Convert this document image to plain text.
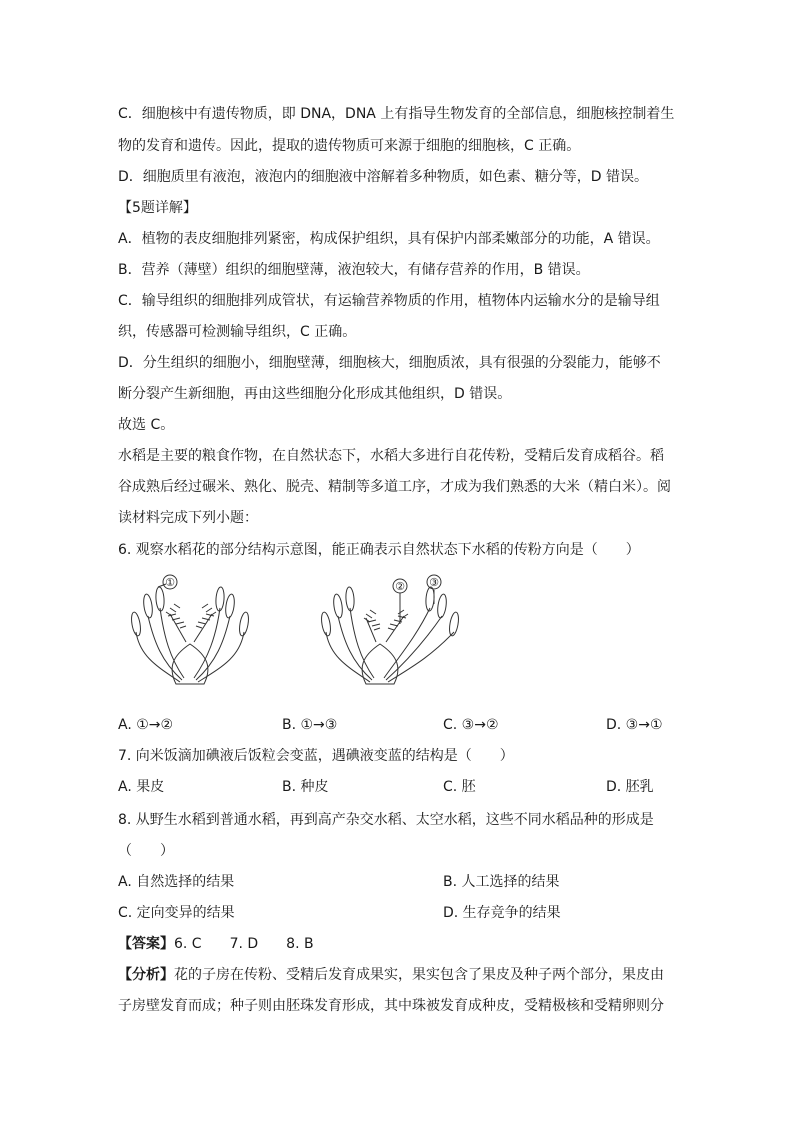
C．细胞核中有遗传物质，即 DNA，DNA 上有指导生物发育的全部信息，细胞核控制着生
物的发育和遗传。因此，提取的遗传物质可来源于细胞的细胞核，C 正确。
D．细胞质里有液泡，液泡内的细胞液中溶解着多种物质，如色素、糖分等，D 错误。
【5题详解】
A．植物的表皮细胞排列紧密，构成保护组织，具有保护内部柔嫩部分的功能，A 错误。
B．营养（薄壁）组织的细胞壁薄，液泡较大，有储存营养的作用，B 错误。
C．输导组织的细胞排列成管状，有运输营养物质的作用，植物体内运输水分的是输导组
织，传感器可检测输导组织，C 正确。
D．分生组织的细胞小，细胞壁薄，细胞核大，细胞质浓，具有很强的分裂能力，能够不
断分裂产生新细胞，再由这些细胞分化形成其他组织，D 错误。
故选 C。
水稻是主要的粮食作物，在自然状态下，水稻大多进行自花传粉，受精后发育成稻谷。稻
谷成熟后经过碾米、熟化、脱壳、精制等多道工序，才成为我们熟悉的大米（精白米）。阅
读材料完成下列小题：
6. 观察水稻花的部分结构示意图，能正确表示自然状态下水稻的传粉方向是（　　）
①	② ③
A. ①→②	B. ①→③	C. ③→②	D. ③→①
7. 向米饭滴加碘液后饭粒会变蓝，遇碘液变蓝的结构是（　　）
A. 果皮	B. 种皮	C. 胚	D. 胚乳
8. 从野生水稻到普通水稻，再到高产杂交水稻、太空水稻，这些不同水稻品种的形成是
（　　）
A. 自然选择的结果	B. 人工选择的结果
C. 定向变异的结果	D. 生存竞争的结果
【答案】6. C　　7. D　　8. B
【分析】花的子房在传粉、受精后发育成果实，果实包含了果皮及种子两个部分，果皮由
子房壁发育而成；种子则由胚珠发育形成，其中珠被发育成种皮，受精极核和受精卵则分
